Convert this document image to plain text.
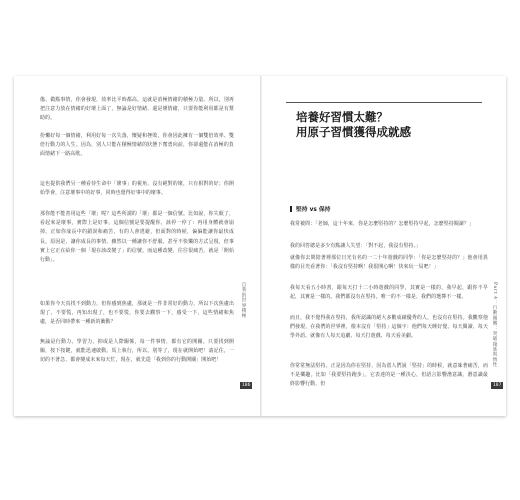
傷、做點事情，你會發現，效率比平時都高。這就是消極情緒的積極力量。所以，別再把注意力放在情緒的好壞上面了，無論是好情緒，還是壞情緒，只要你能利用都是有幫助的。

扮懶好每一個情緒，利用好每一次失落，懷疑和挫敗，你會因此擁有一個雙倍效率、雙倍行動力的人生。因為，別人只能在積極情緒的狀態下奮勇向前，你卻還能在消極的負面情緒下一路高歌。

這也提供我們另一種看待生命中「壞事」的視角，沒有絕對的壞，只有相對的好；你開始學會，注意壞事中的好事，同時也覺得好事中的壞事。

那你能不能善用這些「壞」呢？這些所謂的「壞」都是一個信號。比如說，你失眠了，看起來是壞事，實際上是好事。這個信號是要提醒你，該停一停了：再用身體就會崩掉，正如你成長中的錯誤和痛苦，有的人會逃避，但面對的時候，偏偏能讓你最快成長。原因是，讓你成長的事情，雖然以一種讓你不舒服、甚至不快樂的方式呈現，但事實上它正在給你一個「現在該改變了」的信號。而這種改變，往往很痛苦，就是「開始行動」。

如果你今天真找不到動力，但你感到焦慮，那就是一件非常好的動力，所以下次焦慮出現了，不要慌，再知出現了，也不要慌，你要去觀察一下，感受一下，這些情緒和焦慮，是否同時帶來一種新的衝動？

無論是行動力、學習力，抑或是人際關係，每一件事情，都有它的開關。只要找到開關，按下按鍵，就能迅速啟動。馬上執行，所以，別等了，現在就開始吧！請記住，一切的不著急，都會變成未來每天忙，現在，就先從「我到你的行動開關」開始吧！

自我的世界積極
186
培養好習慣太難？
用原子習慣獲得成就感
堅持 vs 保持

我常被問：「老師，這十年來，你是怎麼堅持的？怎麼堅持早起，怎麼堅持閱讀？」

我的回答總是多少有點讓人失望：「對不起，我沒有堅持。」

就像你去問陪著裡那位日光有名的一二十年遊戲的同學：「你是怎麼堅持的？」他會用異樣的目光看著你：「我沒有堅持啊！我很開心啊！快來玩一局吧！」

我每天看五小時書，跟每天打十二小時遊戲的同學，其實是一樣的，我早起，跟你不早起，其實是一樣的。我們都沒有在堅持。唯一的不一樣是，我們的選擇不一樣。

而且，我不覺得我在堅持，我所認識的絕大多數成績優秀的人，也沒有在堅持。我觀察他們發現，在我們的世界裡，根本沒有「堅持」這個字：他們每天睡好覺、每天閱讀、每天學外語、就像有人每天追劇、每天打遊戲、每天看美劇。

你常常無法堅持，正是因為你在堅持，因為當人們說「堅持」的時候，就意味著痛苦，而不是樂趣。比如「我要堅持跑步」。它表達的是一種決心，但語言影響潛意識，潛意識最終影響行動，但

Part 4：行動開關：突破拖延與惰性
187
